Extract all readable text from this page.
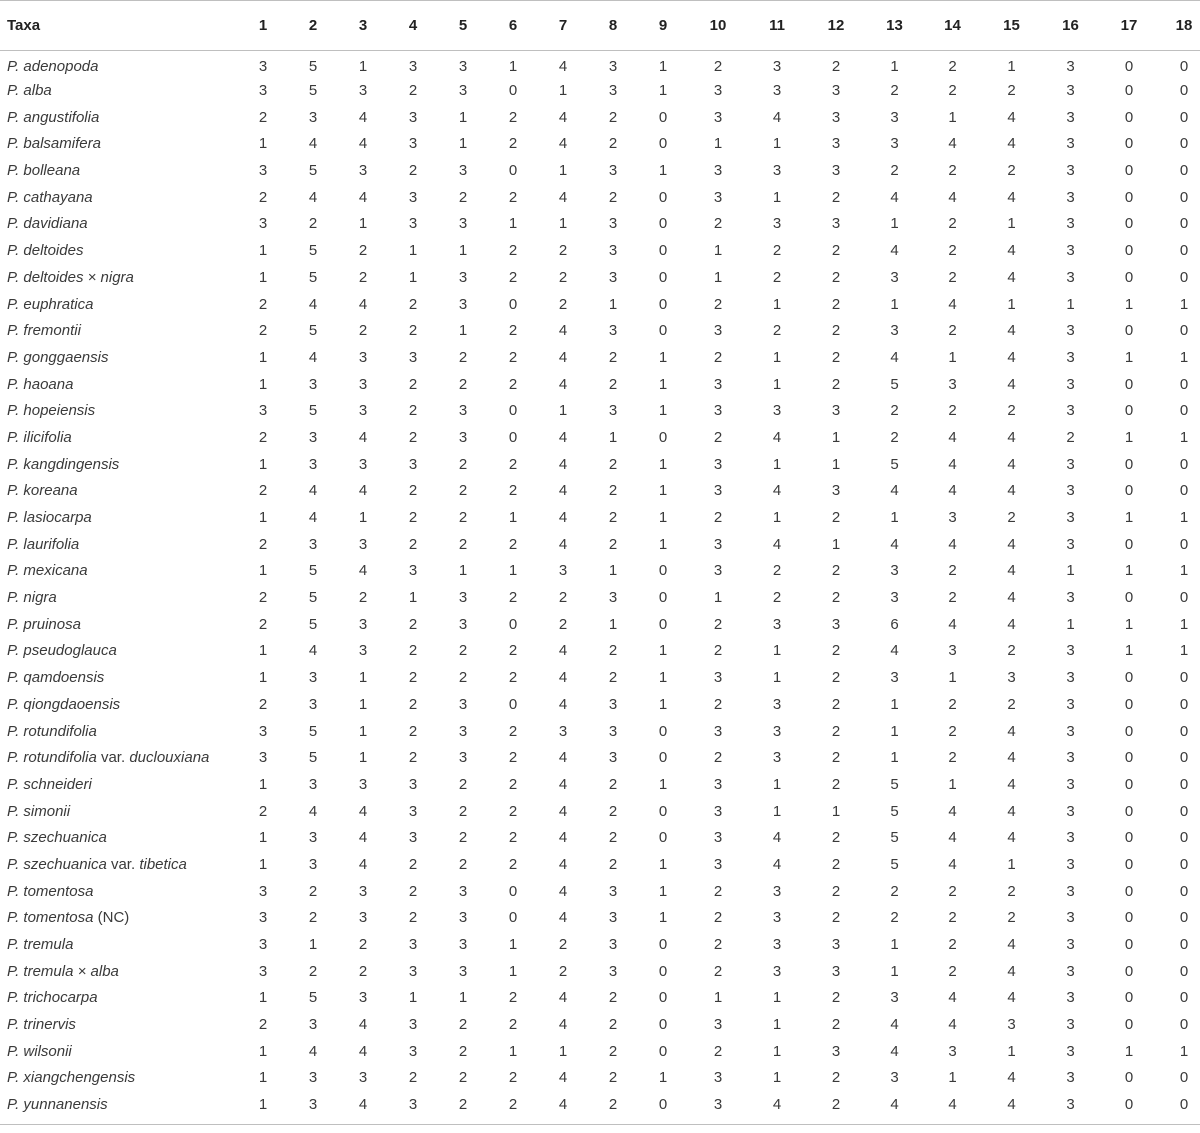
Taxa	1	2	3	4	5	6	7	8	9	10	11	12	13	14	15	16	17	18
P. adenopoda	3	5	1	3	3	1	4	3	1	2	3	2	1	2	1	3	0	0
P. alba	3	5	3	2	3	0	1	3	1	3	3	3	2	2	2	3	0	0
P. angustifolia	2	3	4	3	1	2	4	2	0	3	4	3	3	1	4	3	0	0
P. balsamifera	1	4	4	3	1	2	4	2	0	1	1	3	3	4	4	3	0	0
P. bolleana	3	5	3	2	3	0	1	3	1	3	3	3	2	2	2	3	0	0
P. cathayana	2	4	4	3	2	2	4	2	0	3	1	2	4	4	4	3	0	0
P. davidiana	3	2	1	3	3	1	1	3	0	2	3	3	1	2	1	3	0	0
P. deltoides	1	5	2	1	1	2	2	3	0	1	2	2	4	2	4	3	0	0
P. deltoides × nigra	1	5	2	1	3	2	2	3	0	1	2	2	3	2	4	3	0	0
P. euphratica	2	4	4	2	3	0	2	1	0	2	1	2	1	4	1	1	1	1
P. fremontii	2	5	2	2	1	2	4	3	0	3	2	2	3	2	4	3	0	0
P. gonggaensis	1	4	3	3	2	2	4	2	1	2	1	2	4	1	4	3	1	1
P. haoana	1	3	3	2	2	2	4	2	1	3	1	2	5	3	4	3	0	0
P. hopeiensis	3	5	3	2	3	0	1	3	1	3	3	3	2	2	2	3	0	0
P. ilicifolia	2	3	4	2	3	0	4	1	0	2	4	1	2	4	4	2	1	1
P. kangdingensis	1	3	3	3	2	2	4	2	1	3	1	1	5	4	4	3	0	0
P. koreana	2	4	4	2	2	2	4	2	1	3	4	3	4	4	4	3	0	0
P. lasiocarpa	1	4	1	2	2	1	4	2	1	2	1	2	1	3	2	3	1	1
P. laurifolia	2	3	3	2	2	2	4	2	1	3	4	1	4	4	4	3	0	0
P. mexicana	1	5	4	3	1	1	3	1	0	3	2	2	3	2	4	1	1	1
P. nigra	2	5	2	1	3	2	2	3	0	1	2	2	3	2	4	3	0	0
P. pruinosa	2	5	3	2	3	0	2	1	0	2	3	3	6	4	4	1	1	1
P. pseudoglauca	1	4	3	2	2	2	4	2	1	2	1	2	4	3	2	3	1	1
P. qamdoensis	1	3	1	2	2	2	4	2	1	3	1	2	3	1	3	3	0	0
P. qiongdaoensis	2	3	1	2	3	0	4	3	1	2	3	2	1	2	2	3	0	0
P. rotundifolia	3	5	1	2	3	2	3	3	0	3	3	2	1	2	4	3	0	0
P. rotundifolia var. duclouxiana	3	5	1	2	3	2	4	3	0	2	3	2	1	2	4	3	0	0
P. schneideri	1	3	3	3	2	2	4	2	1	3	1	2	5	1	4	3	0	0
P. simonii	2	4	4	3	2	2	4	2	0	3	1	1	5	4	4	3	0	0
P. szechuanica	1	3	4	3	2	2	4	2	0	3	4	2	5	4	4	3	0	0
P. szechuanica var. tibetica	1	3	4	2	2	2	4	2	1	3	4	2	5	4	1	3	0	0
P. tomentosa	3	2	3	2	3	0	4	3	1	2	3	2	2	2	2	3	0	0
P. tomentosa (NC)	3	2	3	2	3	0	4	3	1	2	3	2	2	2	2	3	0	0
P. tremula	3	1	2	3	3	1	2	3	0	2	3	3	1	2	4	3	0	0
P. tremula × alba	3	2	2	3	3	1	2	3	0	2	3	3	1	2	4	3	0	0
P. trichocarpa	1	5	3	1	1	2	4	2	0	1	1	2	3	4	4	3	0	0
P. trinervis	2	3	4	3	2	2	4	2	0	3	1	2	4	4	3	3	0	0
P. wilsonii	1	4	4	3	2	1	1	2	0	2	1	3	4	3	1	3	1	1
P. xiangchengensis	1	3	3	2	2	2	4	2	1	3	1	2	3	1	4	3	0	0
P. yunnanensis	1	3	4	3	2	2	4	2	0	3	4	2	4	4	4	3	0	0
